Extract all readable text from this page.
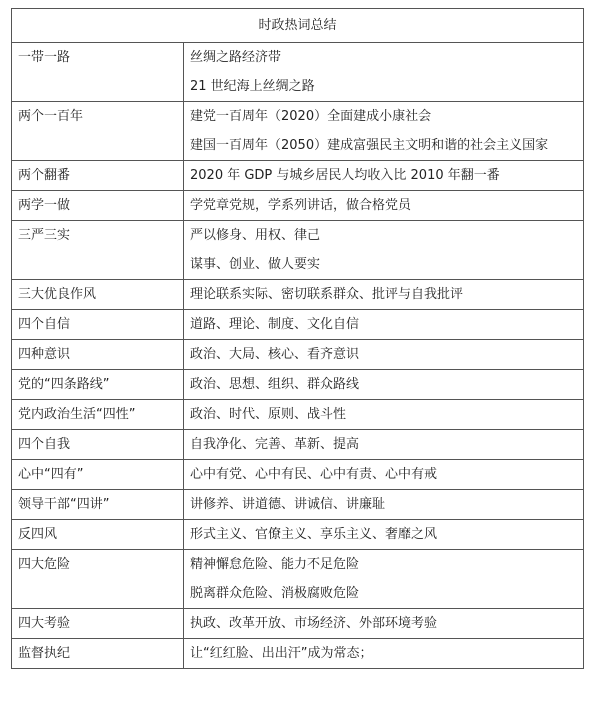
时政热词总结	
一带一路	丝绸之路经济带
21 世纪海上丝绸之路

两个一百年	建党一百周年（2020）全面建成小康社会
建国一百周年（2050）建成富强民主文明和谐的社会主义国家

两个翻番	2020 年 GDP 与城乡居民人均收入比 2010 年翻一番

两学一做	学党章党规，学系列讲话，做合格党员

三严三实	严以修身、用权、律己
谋事、创业、做人要实

三大优良作风	理论联系实际、密切联系群众、批评与自我批评

四个自信	道路、理论、制度、文化自信

四种意识	政治、大局、核心、看齐意识

党的“四条路线”	政治、思想、组织、群众路线

党内政治生活“四性”	政治、时代、原则、战斗性

四个自我	自我净化、完善、革新、提高

心中“四有”	心中有党、心中有民、心中有责、心中有戒

领导干部“四讲”	讲修养、讲道德、讲诚信、讲廉耻

反四风	形式主义、官僚主义、享乐主义、奢靡之风

四大危险	精神懈怠危险、能力不足危险
脱离群众危险、消极腐败危险

四大考验	执政、改革开放、市场经济、外部环境考验

监督执纪	让“红红脸、出出汗”成为常态；
